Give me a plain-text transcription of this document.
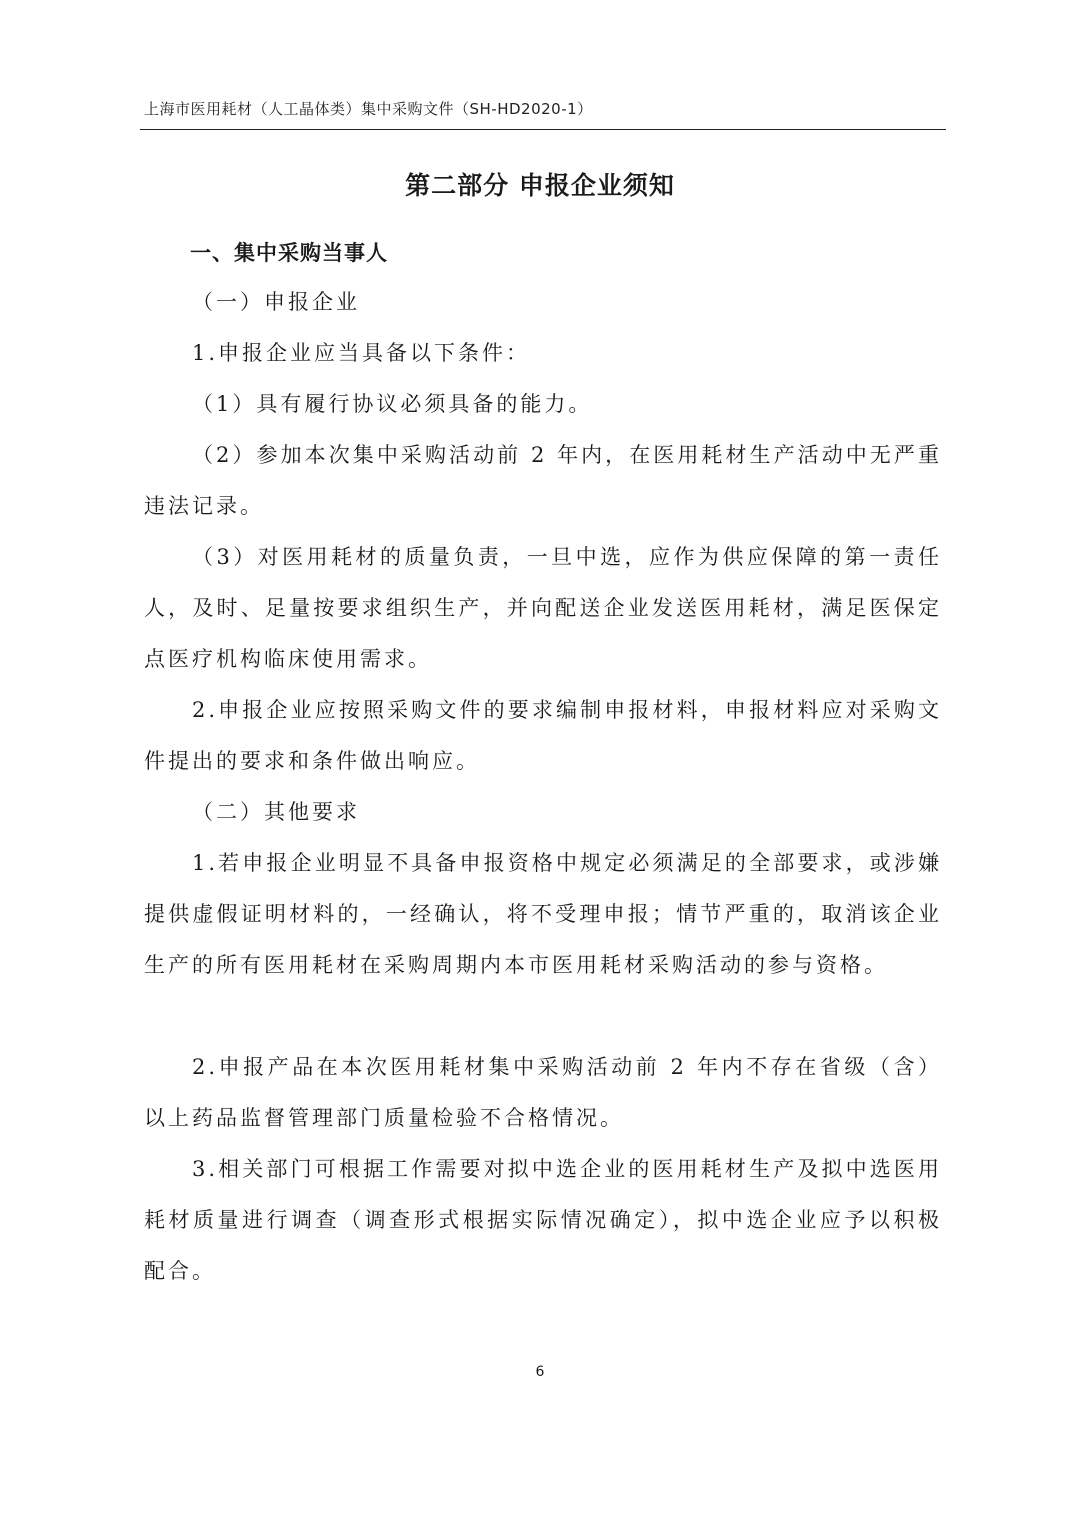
上海市医用耗材（人工晶体类）集中采购文件（SH-HD2020-1）
第二部分 申报企业须知
一、集中采购当事人
（一）申报企业
1.申报企业应当具备以下条件：
（1）具有履行协议必须具备的能力。
（2）参加本次集中采购活动前 2 年内，在医用耗材生产活动中无严重违法记录。
（3）对医用耗材的质量负责，一旦中选，应作为供应保障的第一责任人，及时、足量按要求组织生产，并向配送企业发送医用耗材，满足医保定点医疗机构临床使用需求。
2.申报企业应按照采购文件的要求编制申报材料，申报材料应对采购文件提出的要求和条件做出响应。
（二）其他要求
1.若申报企业明显不具备申报资格中规定必须满足的全部要求，或涉嫌提供虚假证明材料的，一经确认，将不受理申报；情节严重的，取消该企业生产的所有医用耗材在采购周期内本市医用耗材采购活动的参与资格。
2.申报产品在本次医用耗材集中采购活动前 2 年内不存在省级（含）以上药品监督管理部门质量检验不合格情况。
3.相关部门可根据工作需要对拟中选企业的医用耗材生产及拟中选医用耗材质量进行调查（调查形式根据实际情况确定），拟中选企业应予以积极配合。
6
